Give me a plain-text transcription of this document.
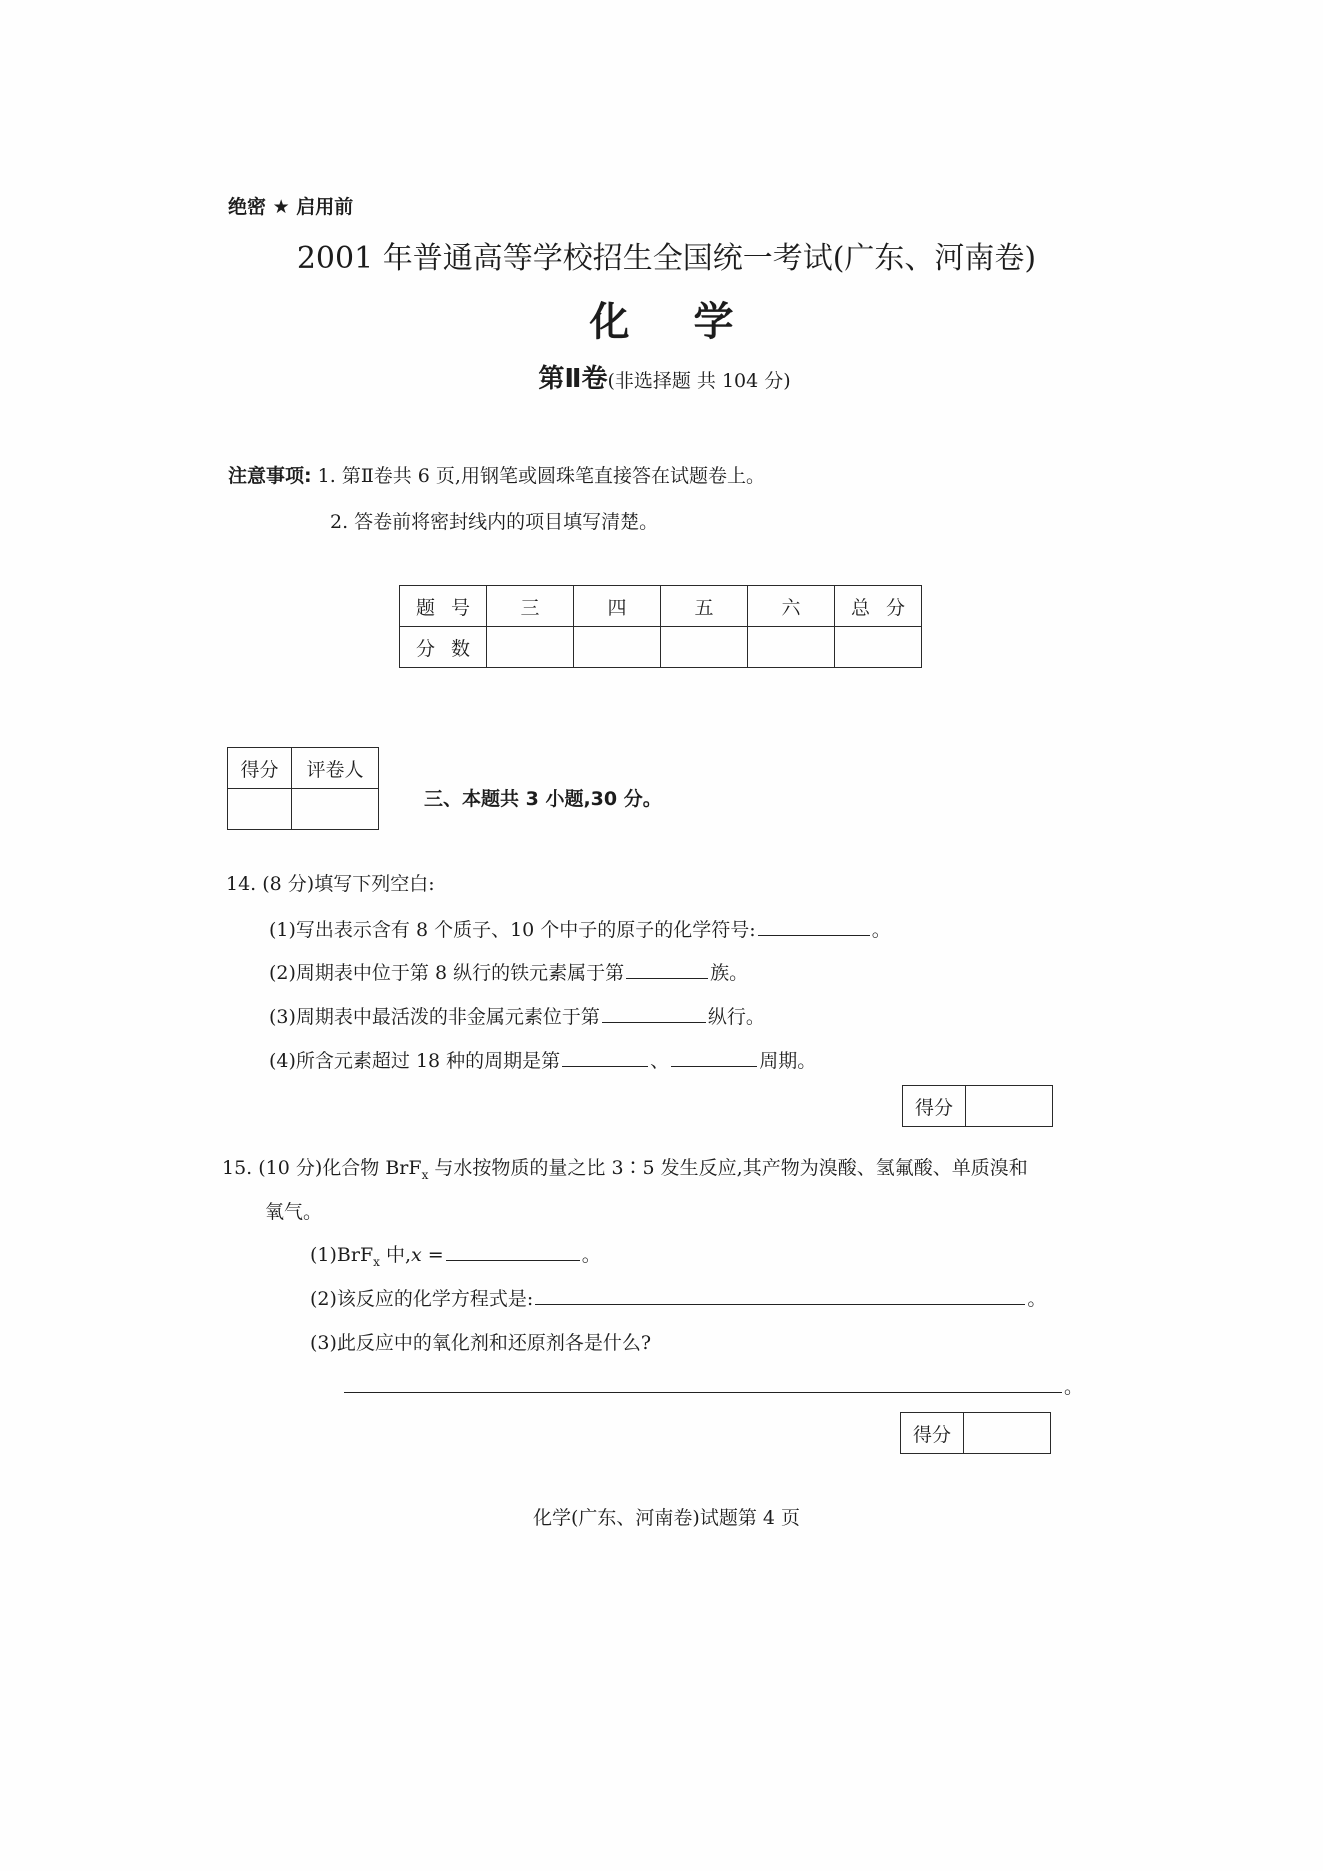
绝密 ★ 启用前
2001 年普通高等学校招生全国统一考试(广东、河南卷)
化学
第Ⅱ卷(非选择题 共 104 分)
注意事项: 1. 第Ⅱ卷共 6 页,用钢笔或圆珠笔直接答在试题卷上。
2. 答卷前将密封线内的项目填写清楚。
题号	三	四	五	六	总分
分数					
得分	评卷人

三、本题共 3 小题,30 分。
14. (8 分)填写下列空白:
(1)写出表示含有 8 个质子、10 个中子的原子的化学符号:	。
(2)周期表中位于第 8 纵行的铁元素属于第	族。
(3)周期表中最活泼的非金属元素位于第	纵行。
(4)所含元素超过 18 种的周期是第	、	周期。
得分	
15. (10 分)化合物 BrF$_x$ 与水按物质的量之比 3∶5 发生反应,其产物为溴酸、氢氟酸、单质溴和
氧气。
(1)BrF$_x$ 中,x =	。
(2)该反应的化学方程式是:	。
(3)此反应中的氧化剂和还原剂各是什么?
。
得分	
化学(广东、河南卷)试题第 4 页
